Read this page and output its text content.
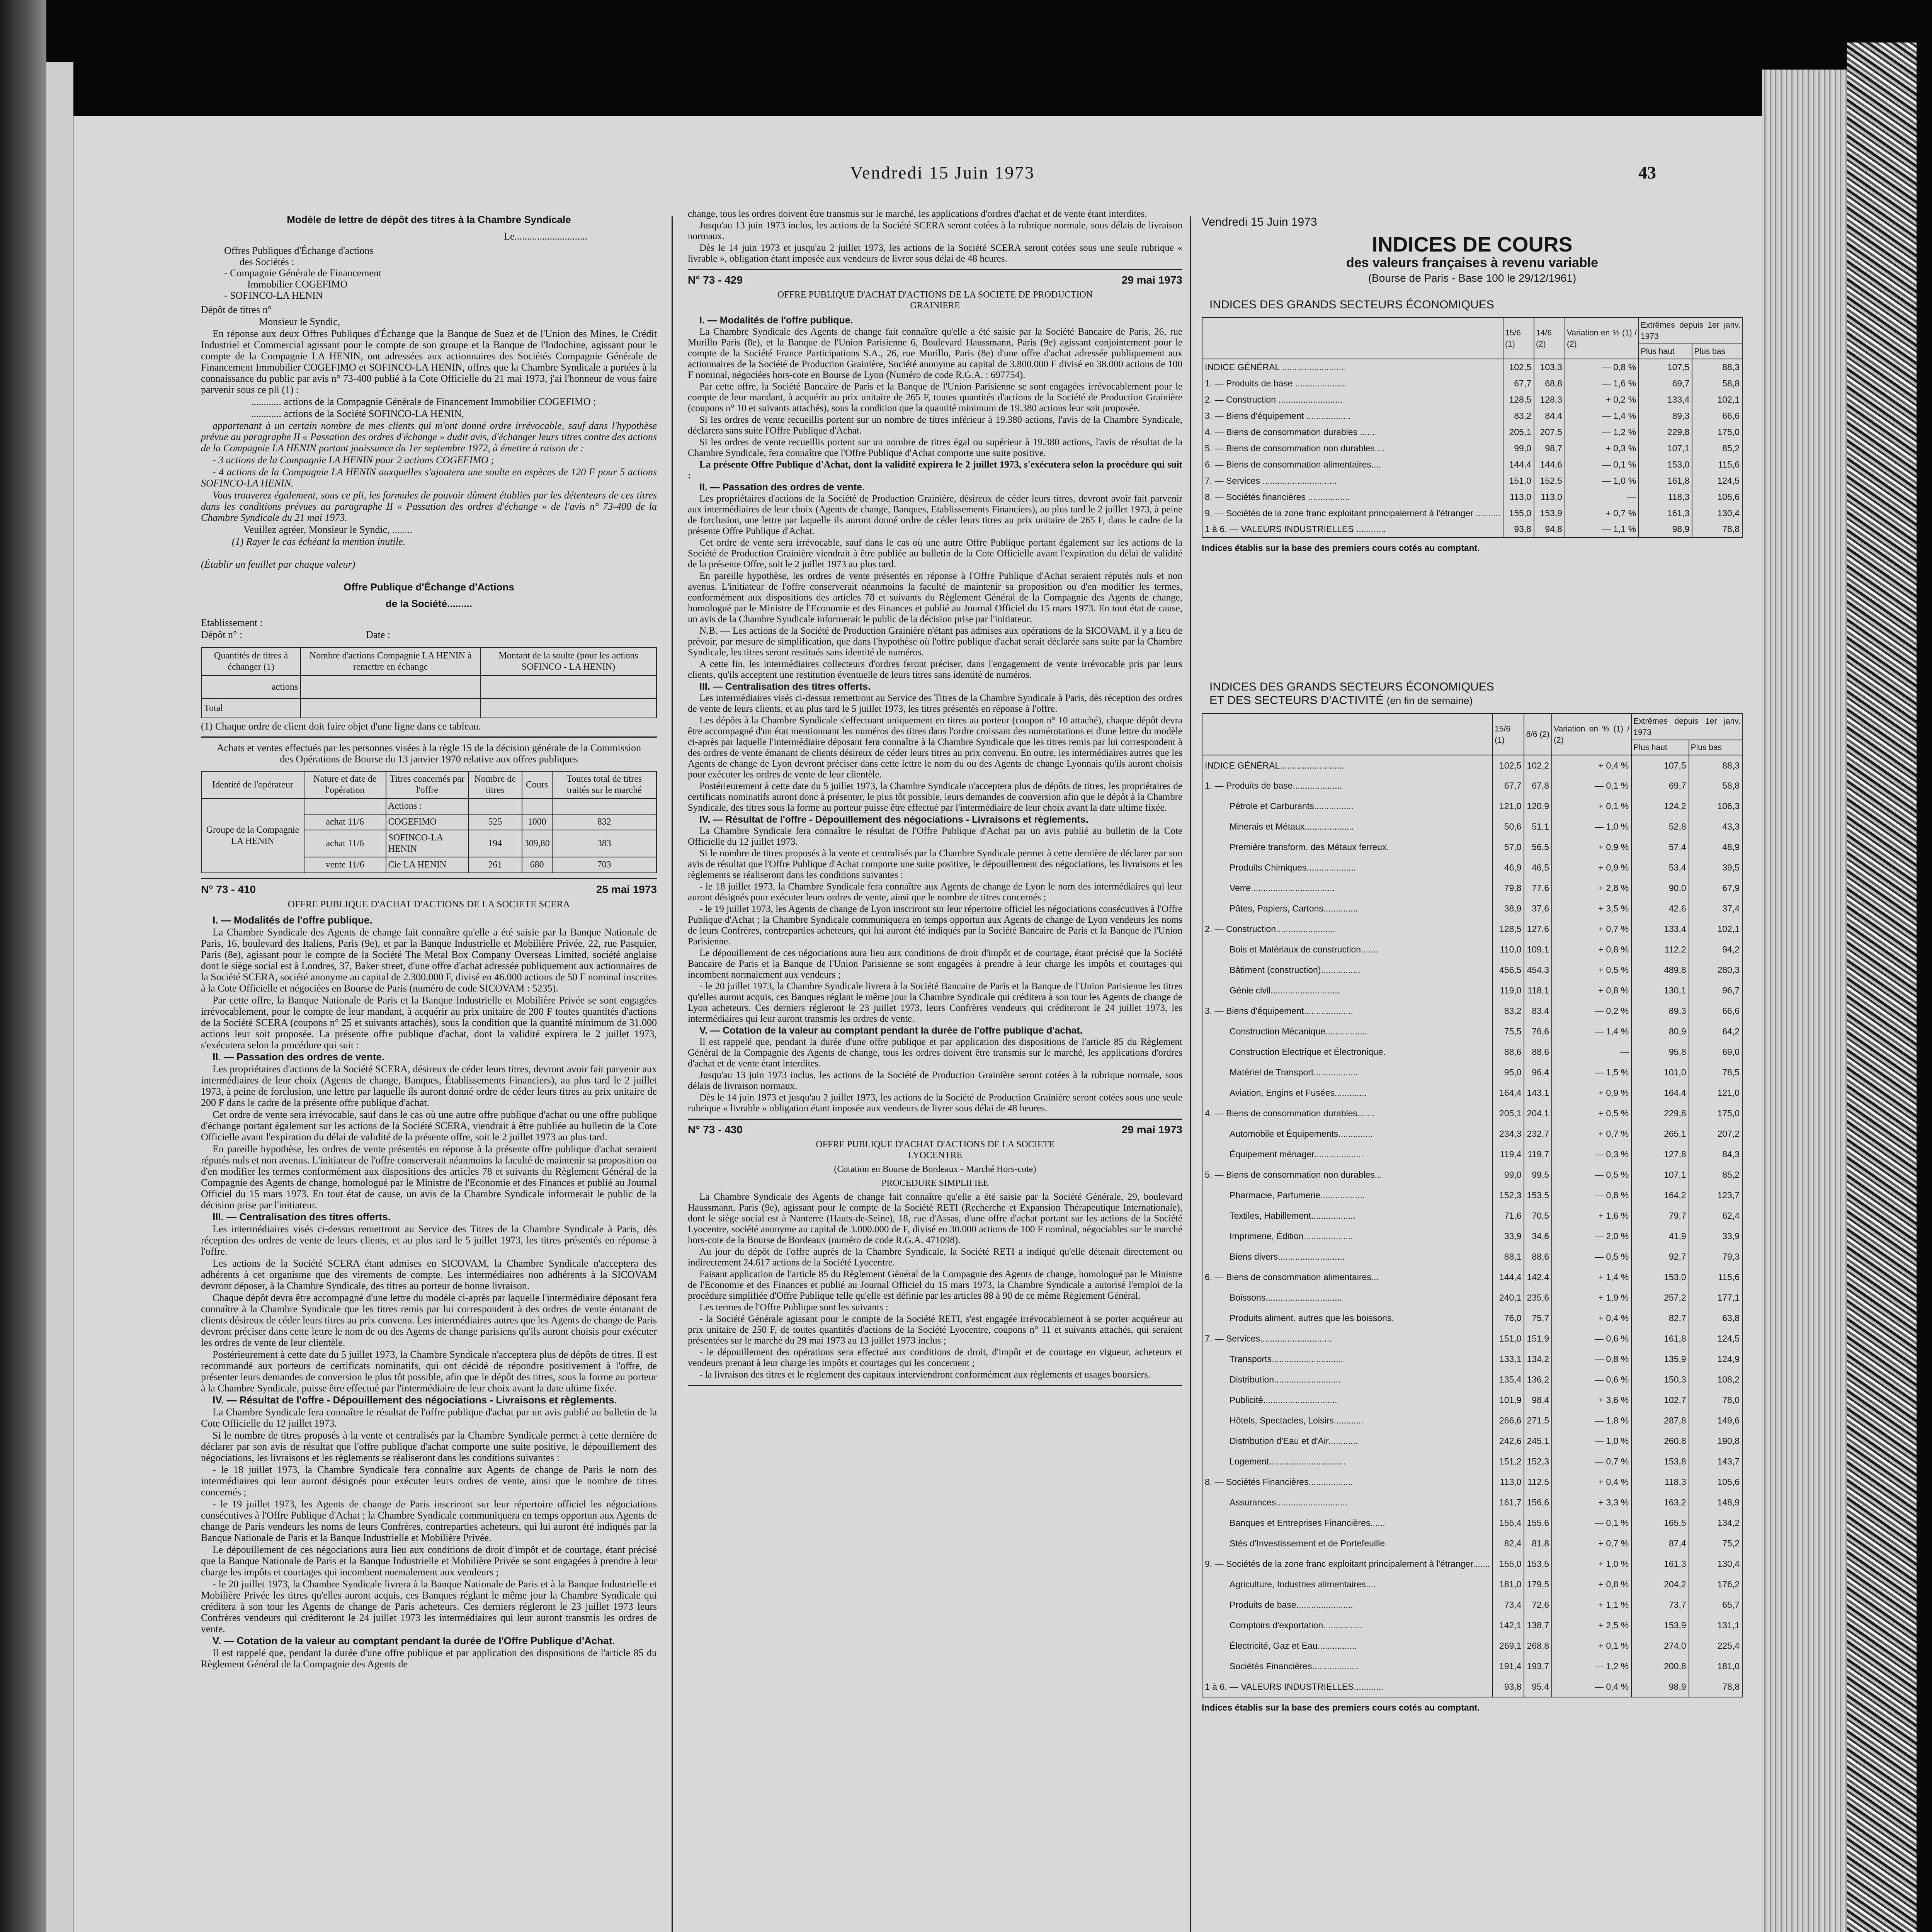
Vendredi 15 Juin 1973	43
Modèle de lettre de dépôt des titres à la Chambre Syndicale

Le.............................

Offres Publiques d'Échange d'actions
des Sociétés :
- Compagnie Générale de Financement
Immobilier COGEFIMO
- SOFINCO-LA HENIN

Dépôt de titres n°

Monsieur le Syndic,

En réponse aux deux Offres Publiques d'Échange que la Banque de Suez et de l'Union des Mines, le Crédit Industriel et Commercial agissant pour le compte de son groupe et la Banque de l'Indochine, agissant pour le compte de la Compagnie LA HENIN, ont adressées aux actionnaires des Sociétés Compagnie Générale de Financement Immobilier COGEFIMO et SOFINCO-LA HENIN, offres que la Chambre Syndicale a portées à la connaissance du public par avis n° 73-400 publié à la Cote Officielle du 21 mai 1973, j'ai l'honneur de vous faire parvenir sous ce pli (1) :

............ actions de la Compagnie Générale de Financement Immobilier COGEFIMO ;

............ actions de la Société SOFINCO-LA HENIN,

appartenant à un certain nombre de mes clients qui m'ont donné ordre irrévocable, sauf dans l'hypothèse prévue au paragraphe II « Passation des ordres d'échange » dudit avis, d'échanger leurs titres contre des actions de la Compagnie LA HENIN portant jouissance du 1er septembre 1972, à émettre à raison de :

- 3 actions de la Compagnie LA HENIN pour 2 actions COGEFIMO ;

- 4 actions de la Compagnie LA HENIN auxquelles s'ajoutera une soulte en espèces de 120 F pour 5 actions SOFINCO-LA HENIN.

Vous trouverez également, sous ce pli, les formules de pouvoir dûment établies par les détenteurs de ces titres dans les conditions prévues au paragraphe II « Passation des ordres d'échange » de l'avis n° 73-400 de la Chambre Syndicale du 21 mai 1973.

Veuillez agréer, Monsieur le Syndic, ........

(1) Rayer le cas échéant la mention inutile.

(Établir un feuillet par chaque valeur)

Offre Publique d'Échange d'Actions
de la Société.........

Etablissement :

Dépôt n° :	Date :

Quantités de titres à échanger (1)	Nombre d'actions Compagnie LA HENIN à remettre en échange	Montant de la soulte (pour les actions SOFINCO - LA HENIN)
actions		
Total		

(1) Chaque ordre de client doit faire objet d'une ligne dans ce tableau.

Achats et ventes effectués par les personnes visées à la règle 15 de la décision générale de la Commission des Opérations de Bourse du 13 janvier 1970 relative aux offres publiques

Identité de l'opérateur	Nature et date de l'opération	Titres concernés par l'offre	Nombre de titres	Cours	Toutes total de titres traités sur le marché
Groupe de la Compagnie LA HENIN		Actions :			
	achat 11/6	COGEFIMO	525	1000	832
	achat 11/6	SOFINCO-LA HENIN	194	309,80	383
	vente 11/6	Cie LA HENIN	261	680	703
N° 73 - 410	25 mai 1973

OFFRE PUBLIQUE D'ACHAT D'ACTIONS DE LA SOCIETE SCERA

I. — Modalités de l'offre publique.

La Chambre Syndicale des Agents de change fait connaître qu'elle a été saisie par la Banque Nationale de Paris, 16, boulevard des Italiens, Paris (9e), et par la Banque Industrielle et Mobilière Privée, 22, rue Pasquier, Paris (8e), agissant pour le compte de la Société The Metal Box Company Overseas Limited, société anglaise dont le siège social est à Londres, 37, Baker street, d'une offre d'achat adressée publiquement aux actionnaires de la Société SCERA, société anonyme au capital de 2.300.000 F, divisé en 46.000 actions de 50 F nominal inscrites à la Cote Officielle et négociées en Bourse de Paris (numéro de code SICOVAM : 5235).

Par cette offre, la Banque Nationale de Paris et la Banque Industrielle et Mobilière Privée se sont engagées irrévocablement, pour le compte de leur mandant, à acquérir au prix unitaire de 200 F toutes quantités d'actions de la Société SCERA (coupons n° 25 et suivants attachés), sous la condition que la quantité minimum de 31.000 actions leur soit proposée. La présente offre publique d'achat, dont la validité expirera le 2 juillet 1973, s'exécutera selon la procédure qui suit :

II. — Passation des ordres de vente.

Les propriétaires d'actions de la Société SCERA, désireux de céder leurs titres, devront avoir fait parvenir aux intermédiaires de leur choix (Agents de change, Banques, Établissements Financiers), au plus tard le 2 juillet 1973, à peine de forclusion, une lettre par laquelle ils auront donné ordre de céder leurs titres au prix unitaire de 200 F dans le cadre de la présente offre publique d'achat.

Cet ordre de vente sera irrévocable, sauf dans le cas où une autre offre publique d'achat ou une offre publique d'échange portant également sur les actions de la Société SCERA, viendrait à être publiée au bulletin de la Cote Officielle avant l'expiration du délai de validité de la présente offre, soit le 2 juillet 1973 au plus tard.

En pareille hypothèse, les ordres de vente présentés en réponse à la présente offre publique d'achat seraient réputés nuls et non avenus. L'initiateur de l'offre conserverait néanmoins la faculté de maintenir sa proposition ou d'en modifier les termes conformément aux dispositions des articles 78 et suivants du Règlement Général de la Compagnie des Agents de change, homologué par le Ministre de l'Economie et des Finances et publié au Journal Officiel du 15 mars 1973. En tout état de cause, un avis de la Chambre Syndicale informerait le public de la décision prise par l'initiateur.

III. — Centralisation des titres offerts.

Les intermédiaires visés ci-dessus remettront au Service des Titres de la Chambre Syndicale à Paris, dès réception des ordres de vente de leurs clients, et au plus tard le 5 juillet 1973, les titres présentés en réponse à l'offre.

Les actions de la Société SCERA étant admises en SICOVAM, la Chambre Syndicale n'acceptera des adhérents à cet organisme que des virements de compte. Les intermédiaires non adhérents à la SICOVAM devront déposer, à la Chambre Syndicale, des titres au porteur de bonne livraison.

Chaque dépôt devra être accompagné d'une lettre du modèle ci-après par laquelle l'intermédiaire déposant fera connaître à la Chambre Syndicale que les titres remis par lui correspondent à des ordres de vente émanant de clients désireux de céder leurs titres au prix convenu. Les intermédiaires autres que les Agents de change de Paris devront préciser dans cette lettre le nom de ou des Agents de change parisiens qu'ils auront choisis pour exécuter les ordres de vente de leur clientèle.

Postérieurement à cette date du 5 juillet 1973, la Chambre Syndicale n'acceptera plus de dépôts de titres. Il est recommandé aux porteurs de certificats nominatifs, qui ont décidé de répondre positivement à l'offre, de présenter leurs demandes de conversion le plus tôt possible, afin que le dépôt des titres, sous la forme au porteur à la Chambre Syndicale, puisse être effectué par l'intermédiaire de leur choix avant la date ultime fixée.

IV. — Résultat de l'offre - Dépouillement des négociations - Livraisons et règlements.

La Chambre Syndicale fera connaître le résultat de l'offre publique d'achat par un avis publié au bulletin de la Cote Officielle du 12 juillet 1973.

Si le nombre de titres proposés à la vente et centralisés par la Chambre Syndicale permet à cette dernière de déclarer par son avis de résultat que l'offre publique d'achat comporte une suite positive, le dépouillement des négociations, les livraisons et les règlements se réaliseront dans les conditions suivantes :

- le 18 juillet 1973, la Chambre Syndicale fera connaître aux Agents de change de Paris le nom des intermédiaires qui leur auront désignés pour exécuter leurs ordres de vente, ainsi que le nombre de titres concernés ;

- le 19 juillet 1973, les Agents de change de Paris inscriront sur leur répertoire officiel les négociations consécutives à l'Offre Publique d'Achat ; la Chambre Syndicale communiquera en temps opportun aux Agents de change de Paris vendeurs les noms de leurs Confrères, contreparties acheteurs, qui lui auront été indiqués par la Banque Nationale de Paris et la Banque Industrielle et Mobilière Privée.

Le dépouillement de ces négociations aura lieu aux conditions de droit d'impôt et de courtage, étant précisé que la Banque Nationale de Paris et la Banque Industrielle et Mobilière Privée se sont engagées à prendre à leur charge les impôts et courtages qui incombent normalement aux vendeurs ;

- le 20 juillet 1973, la Chambre Syndicale livrera à la Banque Nationale de Paris et à la Banque Industrielle et Mobilière Privée les titres qu'elles auront acquis, ces Banques réglant le même jour la Chambre Syndicale qui créditera à son tour les Agents de change de Paris acheteurs. Ces derniers régleront le 23 juillet 1973 leurs Confrères vendeurs qui créditeront le 24 juillet 1973 les intermédiaires qui leur auront transmis les ordres de vente.

V. — Cotation de la valeur au comptant pendant la durée de l'Offre Publique d'Achat.

Il est rappelé que, pendant la durée d'une offre publique et par application des dispositions de l'article 85 du Règlement Général de la Compagnie des Agents de

change, tous les ordres doivent être transmis sur le marché, les applications d'ordres d'achat et de vente étant interdites.

Jusqu'au 13 juin 1973 inclus, les actions de la Société SCERA seront cotées à la rubrique normale, sous délais de livraison normaux.

Dès le 14 juin 1973 et jusqu'au 2 juillet 1973, les actions de la Société SCERA seront cotées sous une seule rubrique « livrable », obligation étant imposée aux vendeurs de livrer sous délai de 48 heures.

N° 73 - 429	29 mai 1973

OFFRE PUBLIQUE D'ACHAT D'ACTIONS DE LA SOCIETE DE PRODUCTION GRAINIERE

I. — Modalités de l'offre publique.

La Chambre Syndicale des Agents de change fait connaître qu'elle a été saisie par la Société Bancaire de Paris, 26, rue Murillo Paris (8e), et la Banque de l'Union Parisienne 6, Boulevard Haussmann, Paris (9e) agissant conjointement pour le compte de la Société France Participations S.A., 26, rue Murillo, Paris (8e) d'une offre d'achat adressée publiquement aux actionnaires de la Société de Production Grainière, Société anonyme au capital de 3.800.000 F divisé en 38.000 actions de 100 F nominal, négociées hors-cote en Bourse de Lyon (Numéro de code R.G.A. : 697754).

Par cette offre, la Société Bancaire de Paris et la Banque de l'Union Parisienne se sont engagées irrévocablement pour le compte de leur mandant, à acquérir au prix unitaire de 265 F, toutes quantités d'actions de la Société de Production Grainière (coupons n° 10 et suivants attachés), sous la condition que la quantité minimum de 19.380 actions leur soit proposée.

Si les ordres de vente recueillis portent sur un nombre de titres inférieur à 19.380 actions, l'avis de la Chambre Syndicale, déclarera sans suite l'Offre Publique d'Achat.

Si les ordres de vente recueillis portent sur un nombre de titres égal ou supérieur à 19.380 actions, l'avis de résultat de la Chambre Syndicale, fera connaître que l'Offre Publique d'Achat comporte une suite positive.

La présente Offre Publique d'Achat, dont la validité expirera le 2 juillet 1973, s'exécutera selon la procédure qui suit :

II. — Passation des ordres de vente.

Les propriétaires d'actions de la Société de Production Grainière, désireux de céder leurs titres, devront avoir fait parvenir aux intermédiaires de leur choix (Agents de change, Banques, Etablissements Financiers), au plus tard le 2 juillet 1973, à peine de forclusion, une lettre par laquelle ils auront donné ordre de céder leurs titres au prix unitaire de 265 F, dans le cadre de la présente Offre Publique d'Achat.

Cet ordre de vente sera irrévocable, sauf dans le cas où une autre Offre Publique portant également sur les actions de la Société de Production Grainière viendrait à être publiée au bulletin de la Cote Officielle avant l'expiration du délai de validité de la présente Offre, soit le 2 juillet 1973 au plus tard.

En pareille hypothèse, les ordres de vente présentés en réponse à l'Offre Publique d'Achat seraient réputés nuls et non avenus. L'initiateur de l'offre conserverait néanmoins la faculté de maintenir sa proposition ou d'en modifier les termes, conformément aux dispositions des articles 78 et suivants du Règlement Général de la Compagnie des Agents de change, homologué par le Ministre de l'Economie et des Finances et publié au Journal Officiel du 15 mars 1973. En tout état de cause, un avis de la Chambre Syndicale informerait le public de la décision prise par l'initiateur.

N.B. — Les actions de la Société de Production Grainière n'étant pas admises aux opérations de la SICOVAM, il y a lieu de prévoir, par mesure de simplification, que dans l'hypothèse où l'offre publique d'achat serait déclarée sans suite par la Chambre Syndicale, les titres seront restitués sans identité de numéros.

A cette fin, les intermédiaires collecteurs d'ordres feront préciser, dans l'engagement de vente irrévocable pris par leurs clients, qu'ils acceptent une restitution éventuelle de leurs titres sans identité de numéros.

III. — Centralisation des titres offerts.

Les intermédiaires visés ci-dessus remettront au Service des Titres de la Chambre Syndicale à Paris, dès réception des ordres de vente de leurs clients, et au plus tard le 5 juillet 1973, les titres présentés en réponse à l'offre.

Les dépôts à la Chambre Syndicale s'effectuant uniquement en titres au porteur (coupon n° 10 attaché), chaque dépôt devra être accompagné d'un état mentionnant les numéros des titres dans l'ordre croissant des numérotations et d'une lettre du modèle ci-après par laquelle l'intermédiaire déposant fera connaître à la Chambre Syndicale que les titres remis par lui correspondent à des ordres de vente émanant de clients désireux de céder leurs titres au prix convenu. En outre, les intermédiaires autres que les Agents de change de Lyon devront préciser dans cette lettre le nom du ou des Agents de change Lyonnais qu'ils auront choisis pour exécuter les ordres de vente de leur clientèle.

Postérieurement à cette date du 5 juillet 1973, la Chambre Syndicale n'acceptera plus de dépôts de titres, les propriétaires de certificats nominatifs auront donc à présenter, le plus tôt possible, leurs demandes de conversion afin que le dépôt à la Chambre Syndicale, des titres sous la forme au porteur puisse être effectué par l'intermédiaire de leur choix avant la date ultime fixée.

IV. — Résultat de l'offre - Dépouillement des négociations - Livraisons et règlements.

La Chambre Syndicale fera connaître le résultat de l'Offre Publique d'Achat par un avis publié au bulletin de la Cote Officielle du 12 juillet 1973.

Si le nombre de titres proposés à la vente et centralisés par la Chambre Syndicale permet à cette dernière de déclarer par son avis de résultat que l'Offre Publique d'Achat comporte une suite positive, le dépouillement des négociations, les livraisons et les règlements se réaliseront dans les conditions suivantes :

- le 18 juillet 1973, la Chambre Syndicale fera connaître aux Agents de change de Lyon le nom des intermédiaires qui leur auront désignés pour exécuter leurs ordres de vente, ainsi que le nombre de titres concernés ;

- le 19 juillet 1973, les Agents de change de Lyon inscriront sur leur répertoire officiel les négociations consécutives à l'Offre Publique d'Achat ; la Chambre Syndicale communiquera en temps opportun aux Agents de change de Lyon vendeurs les noms de leurs Confrères, contreparties acheteurs, qui lui auront été indiqués par la Société Bancaire de Paris et la Banque de l'Union Parisienne.

Le dépouillement de ces négociations aura lieu aux conditions de droit d'impôt et de courtage, étant précisé que la Société Bancaire de Paris et la Banque de l'Union Parisienne se sont engagées à prendre à leur charge les impôts et courtages qui incombent normalement aux vendeurs ;

- le 20 juillet 1973, la Chambre Syndicale livrera à la Société Bancaire de Paris et la Banque de l'Union Parisienne les titres qu'elles auront acquis, ces Banques réglant le même jour la Chambre Syndicale qui créditera à son tour les Agents de change de Lyon acheteurs. Ces derniers régleront le 23 juillet 1973, leurs Confrères vendeurs qui créditeront le 24 juillet 1973, les intermédiaires qui leur auront transmis les ordres de vente.

V. — Cotation de la valeur au comptant pendant la durée de l'offre publique d'achat.

Il est rappelé que, pendant la durée d'une offre publique et par application des dispositions de l'article 85 du Règlement Général de la Compagnie des Agents de change, tous les ordres doivent être transmis sur le marché, les applications d'ordres d'achat et de vente étant interdites.

Jusqu'au 13 juin 1973 inclus, les actions de la Société de Production Grainière seront cotées à la rubrique normale, sous délais de livraison normaux.

Dès le 14 juin 1973 et jusqu'au 2 juillet 1973, les actions de la Société de Production Grainière seront cotées sous une seule rubrique « livrable » obligation étant imposée aux vendeurs de livrer sous délai de 48 heures.

N° 73 - 430	29 mai 1973

OFFRE PUBLIQUE D'ACHAT D'ACTIONS DE LA SOCIETE LYOCENTRE

(Cotation en Bourse de Bordeaux - Marché Hors-cote)

PROCEDURE SIMPLIFIEE

La Chambre Syndicale des Agents de change fait connaître qu'elle a été saisie par la Société Générale, 29, boulevard Haussmann, Paris (9e), agissant pour le compte de la Société RETI (Recherche et Expansion Thérapeutique Internationale), dont le siège social est à Nanterre (Hauts-de-Seine), 18, rue d'Assas, d'une offre d'achat portant sur les actions de la Société Lyocentre, société anonyme au capital de 3.000.000 de F, divisé en 30.000 actions de 100 F nominal, négociables sur le marché hors-cote de la Bourse de Bordeaux (numéro de code R.G.A. 471098).

Au jour du dépôt de l'offre auprès de la Chambre Syndicale, la Société RETI a indiqué qu'elle détenait directement ou indirectement 24.617 actions de la Société Lyocentre.

Faisant application de l'article 85 du Règlement Général de la Compagnie des Agents de change, homologué par le Ministre de l'Economie et des Finances et publié au Journal Officiel du 15 mars 1973, la Chambre Syndicale a autorisé l'emploi de la procédure simplifiée d'Offre Publique telle qu'elle est définie par les articles 88 à 90 de ce même Règlement Général.

Les termes de l'Offre Publique sont les suivants :

- la Société Générale agissant pour le compte de la Société RETI, s'est engagée irrévocablement à se porter acquéreur au prix unitaire de 250 F, de toutes quantités d'actions de la Société Lyocentre, coupons n° 11 et suivants attachés, qui seraient présentées sur le marché du 29 mai 1973 au 13 juillet 1973 inclus ;

- le dépouillement des opérations sera effectué aux conditions de droit, d'impôt et de courtage en vigueur, acheteurs et vendeurs prenant à leur charge les impôts et courtages qui les concernent ;

- la livraison des titres et le règlement des capitaux interviendront conformément aux règlements et usages boursiers.

Vendredi 15 Juin 1973
INDICES DE COURS
des valeurs françaises à revenu variable
(Bourse de Paris - Base 100 le 29/12/1961)
INDICES DES GRANDS SECTEURS ÉCONOMIQUES
	15/6 (1)	14/6 (2)	Variation en % (1) / (2)	Extrêmes depuis 1er janv. 1973	
				Plus haut	Plus bas
INDICE GÉNÉRAL ..........................	102,5	103,3	— 0,8 %	107,5	88,3
1. — Produits de base .....................	67,7	68,8	— 1,6 %	69,7	58,8
2. — Construction ..........................	128,5	128,3	+ 0,2 %	133,4	102,1
3. — Biens d'équipement ..................	83,2	84,4	— 1,4 %	89,3	66,6
4. — Biens de consommation durables .......	205,1	207,5	— 1,2 %	229,8	175,0
5. — Biens de consommation non durables....	99,0	98,7	+ 0,3 %	107,1	85,2
6. — Biens de consommation alimentaires....	144,4	144,6	— 0,1 %	153,0	115,6
7. — Services ..............................	151,0	152,5	— 1,0 %	161,8	124,5
8. — Sociétés financières .................	113,0	113,0	—	118,3	105,6
9. — Sociétés de la zone franc exploitant principalement à l'étranger ..........	155,0	153,9	+ 0,7 %	161,3	130,4
1 à 6. — VALEURS INDUSTRIELLES ............	93,8	94,8	— 1,1 %	98,9	78,8
Indices établis sur la base des premiers cours cotés au comptant.
INDICES DES GRANDS SECTEURS ÉCONOMIQUES
ET DES SECTEURS D'ACTIVITÉ (en fin de semaine)
	15/6 (1)	8/6 (2)	Variation en % (1) / (2)	Extrêmes depuis 1er janv. 1973	
				Plus haut	Plus bas
INDICE GÉNÉRAL..........................	102,5	102,2	+ 0,4 %	107,5	88,3
1. — Produits de base....................	67,7	67,8	— 0,1 %	69,7	58,8
Pétrole et Carburants................	121,0	120,9	+ 0,1 %	124,2	106,3
Minerais et Métaux....................	50,6	51,1	— 1,0 %	52,8	43,3
Première transform. des Métaux ferreux.	57,0	56,5	+ 0,9 %	57,4	48,9
Produits Chimiques....................	46,9	46,5	+ 0,9 %	53,4	39,5
Verre..................................	79,8	77,6	+ 2,8 %	90,0	67,9
Pâtes, Papiers, Cartons..............	38,9	37,6	+ 3,5 %	42,6	37,4
2. — Construction........................	128,5	127,6	+ 0,7 %	133,4	102,1
Bois et Matériaux de construction.......	110,0	109,1	+ 0,8 %	112,2	94,2
Bâtiment (construction)................	456,5	454,3	+ 0,5 %	489,8	280,3
Génie civil............................	119,0	118,1	+ 0,8 %	130,1	96,7
3. — Biens d'équipement....................	83,2	83,4	— 0,2 %	89,3	66,6
Construction Mécanique.................	75,5	76,6	— 1,4 %	80,9	64,2
Construction Electrique et Électronique.	88,6	88,6	—	95,8	69,0
Matériel de Transport..................	95,0	96,4	— 1,5 %	101,0	78,5
Aviation, Engins et Fusées.............	164,4	143,1	+ 0,9 %	164,4	121,0
4. — Biens de consommation durables.......	205,1	204,1	+ 0,5 %	229,8	175,0
Automobile et Équipements..............	234,3	232,7	+ 0,7 %	265,1	207,2
Équipement ménager....................	119,4	119,7	— 0,3 %	127,8	84,3
5. — Biens de consommation non durables...	99,0	99,5	— 0,5 %	107,1	85,2
Pharmacie, Parfumerie..................	152,3	153,5	— 0,8 %	164,2	123,7
Textiles, Habillement..................	71,6	70,5	+ 1,6 %	79,7	62,4
Imprimerie, Édition....................	33,9	34,6	— 2,0 %	41,9	33,9
Biens divers...........................	88,1	88,6	— 0,5 %	92,7	79,3
6. — Biens de consommation alimentaires...	144,4	142,4	+ 1,4 %	153,0	115,6
Boissons...............................	240,1	235,6	+ 1,9 %	257,2	177,1
Produits aliment. autres que les boissons.	76,0	75,7	+ 0,4 %	82,7	63,8
7. — Services.............................	151,0	151,9	— 0,6 %	161,8	124,5
Transports.............................	133,1	134,2	— 0,8 %	135,9	124,9
Distribution...........................	135,4	136,2	— 0,6 %	150,3	108,2
Publicité..............................	101,9	98,4	+ 3,6 %	102,7	78,0
Hôtels, Spectacles, Loisirs............	266,6	271,5	— 1,8 %	287,8	149,6
Distribution d'Eau et d'Air............	242,6	245,1	— 1,0 %	260,8	190,8
Logement...............................	151,2	152,3	— 0,7 %	153,8	143,7
8. — Sociétés Financières..................	113,0	112,5	+ 0,4 %	118,3	105,6
Assurances.............................	161,7	156,6	+ 3,3 %	163,2	148,9
Banques et Entreprises Financières......	155,4	155,6	— 0,1 %	165,5	134,2
Stés d'Investissement et de Portefeuille.	82,4	81,8	+ 0,7 %	87,4	75,2
9. — Sociétés de la zone franc exploitant principalement à l'étranger.......	155,0	153,5	+ 1,0 %	161,3	130,4
Agriculture, Industries alimentaires....	181,0	179,5	+ 0,8 %	204,2	176,2
Produits de base.......................	73,4	72,6	+ 1,1 %	73,7	65,7
Comptoirs d'exportation................	142,1	138,7	+ 2,5 %	153,9	131,1
Électricité, Gaz et Eau................	269,1	268,8	+ 0,1 %	274,0	225,4
Sociétés Financières...................	191,4	193,7	— 1,2 %	200,8	181,0
1 à 6. — VALEURS INDUSTRIELLES............	93,8	95,4	— 0,4 %	98,9	78,8
Indices établis sur la base des premiers cours cotés au comptant.
